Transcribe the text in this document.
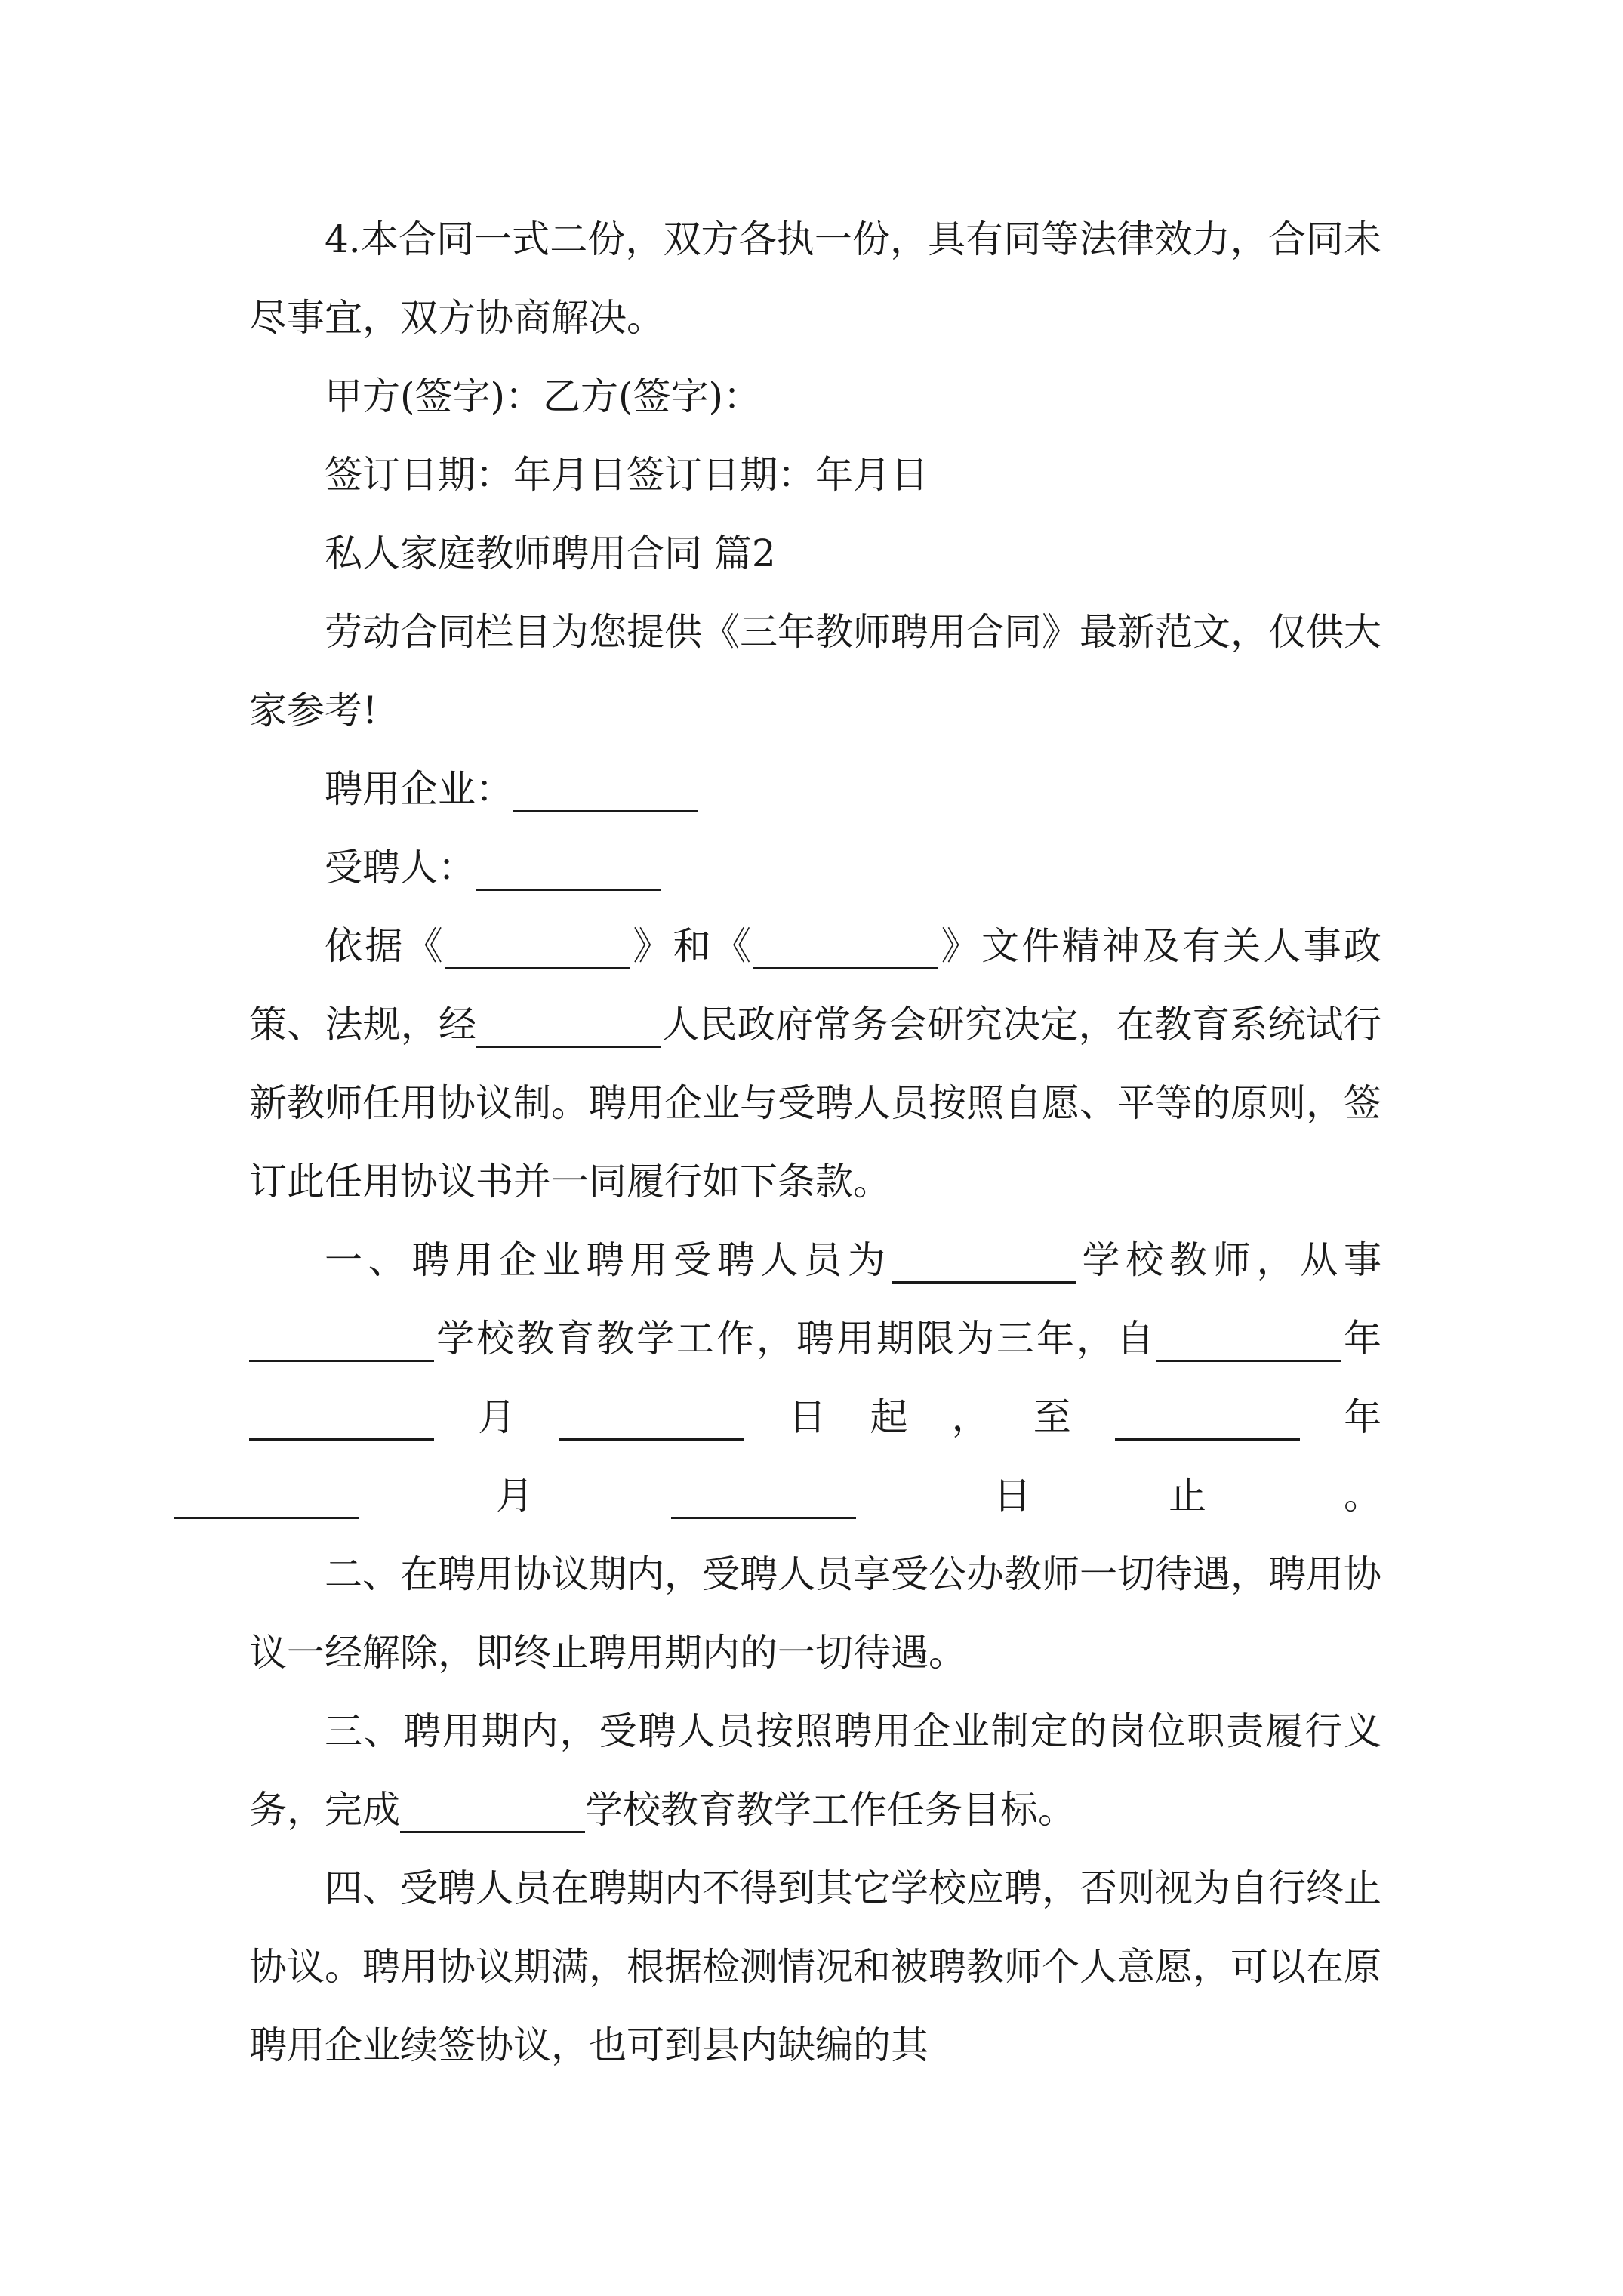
4.本合同一式二份，双方各执一份，具有同等法律效力，合同未尽事宜，双方协商解决。

甲方(签字)：乙方(签字)：

签订日期：年月日签订日期：年月日

私人家庭教师聘用合同 篇2

劳动合同栏目为您提供《三年教师聘用合同》最新范文，仅供大家参考!

聘用企业：

受聘人：

依据《	》和《	》文件精神及有关人事政策、法规，经	人民政府常务会研究决定，在教育系统试行新教师任用协议制。聘用企业与受聘人员按照自愿、平等的原则，签订此任用协议书并一同履行如下条款。

一、聘用企业聘用受聘人员为	学校教师，从事学校教育教学工作，聘用期限为三年，自	年月	日起，至	年
月	日止。

二、在聘用协议期内，受聘人员享受公办教师一切待遇，聘用协议一经解除，即终止聘用期内的一切待遇。

三、聘用期内，受聘人员按照聘用企业制定的岗位职责履行义务，完成	学校教育教学工作任务目标。

四、受聘人员在聘期内不得到其它学校应聘，否则视为自行终止协议。聘用协议期满，根据检测情况和被聘教师个人意愿，可以在原聘用企业续签协议，也可到县内缺编的其
